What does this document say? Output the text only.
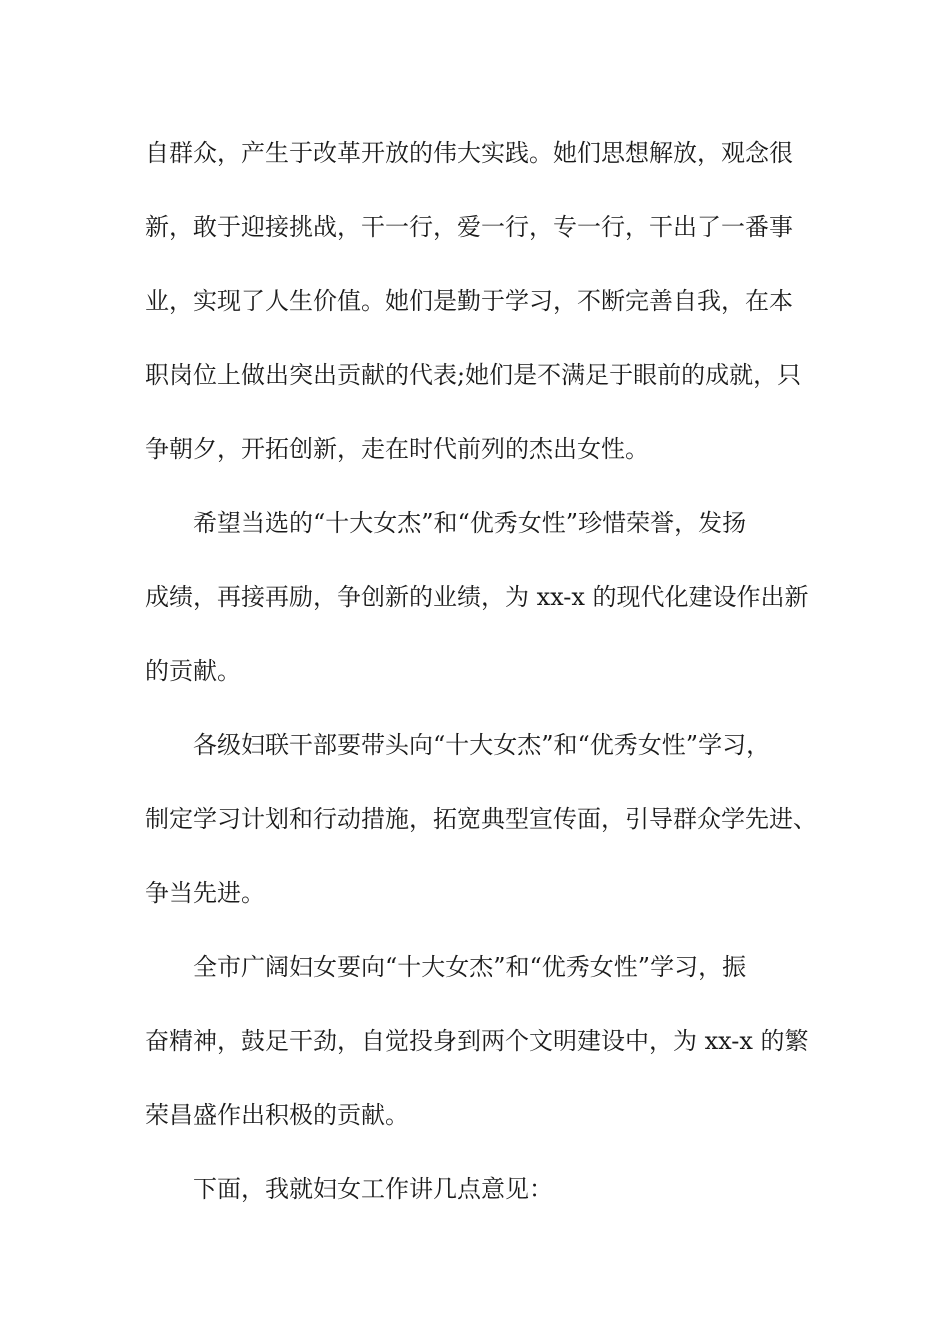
自群众，产生于改革开放的伟大实践。她们思想解放，观念很
新，敢于迎接挑战，干一行，爱一行，专一行，干出了一番事
业，实现了人生价值。她们是勤于学习，不断完善自我，在本
职岗位上做出突出贡献的代表;她们是不满足于眼前的成就，只
争朝夕，开拓创新，走在时代前列的杰出女性。
希望当选的“十大女杰”和“优秀女性”珍惜荣誉，发扬
成绩，再接再励，争创新的业绩，为 xx-x 的现代化建设作出新
的贡献。
各级妇联干部要带头向“十大女杰”和“优秀女性”学习，
制定学习计划和行动措施，拓宽典型宣传面，引导群众学先进、
争当先进。
全市广阔妇女要向“十大女杰”和“优秀女性”学习，振
奋精神，鼓足干劲，自觉投身到两个文明建设中，为 xx-x 的繁
荣昌盛作出积极的贡献。
下面，我就妇女工作讲几点意见：
